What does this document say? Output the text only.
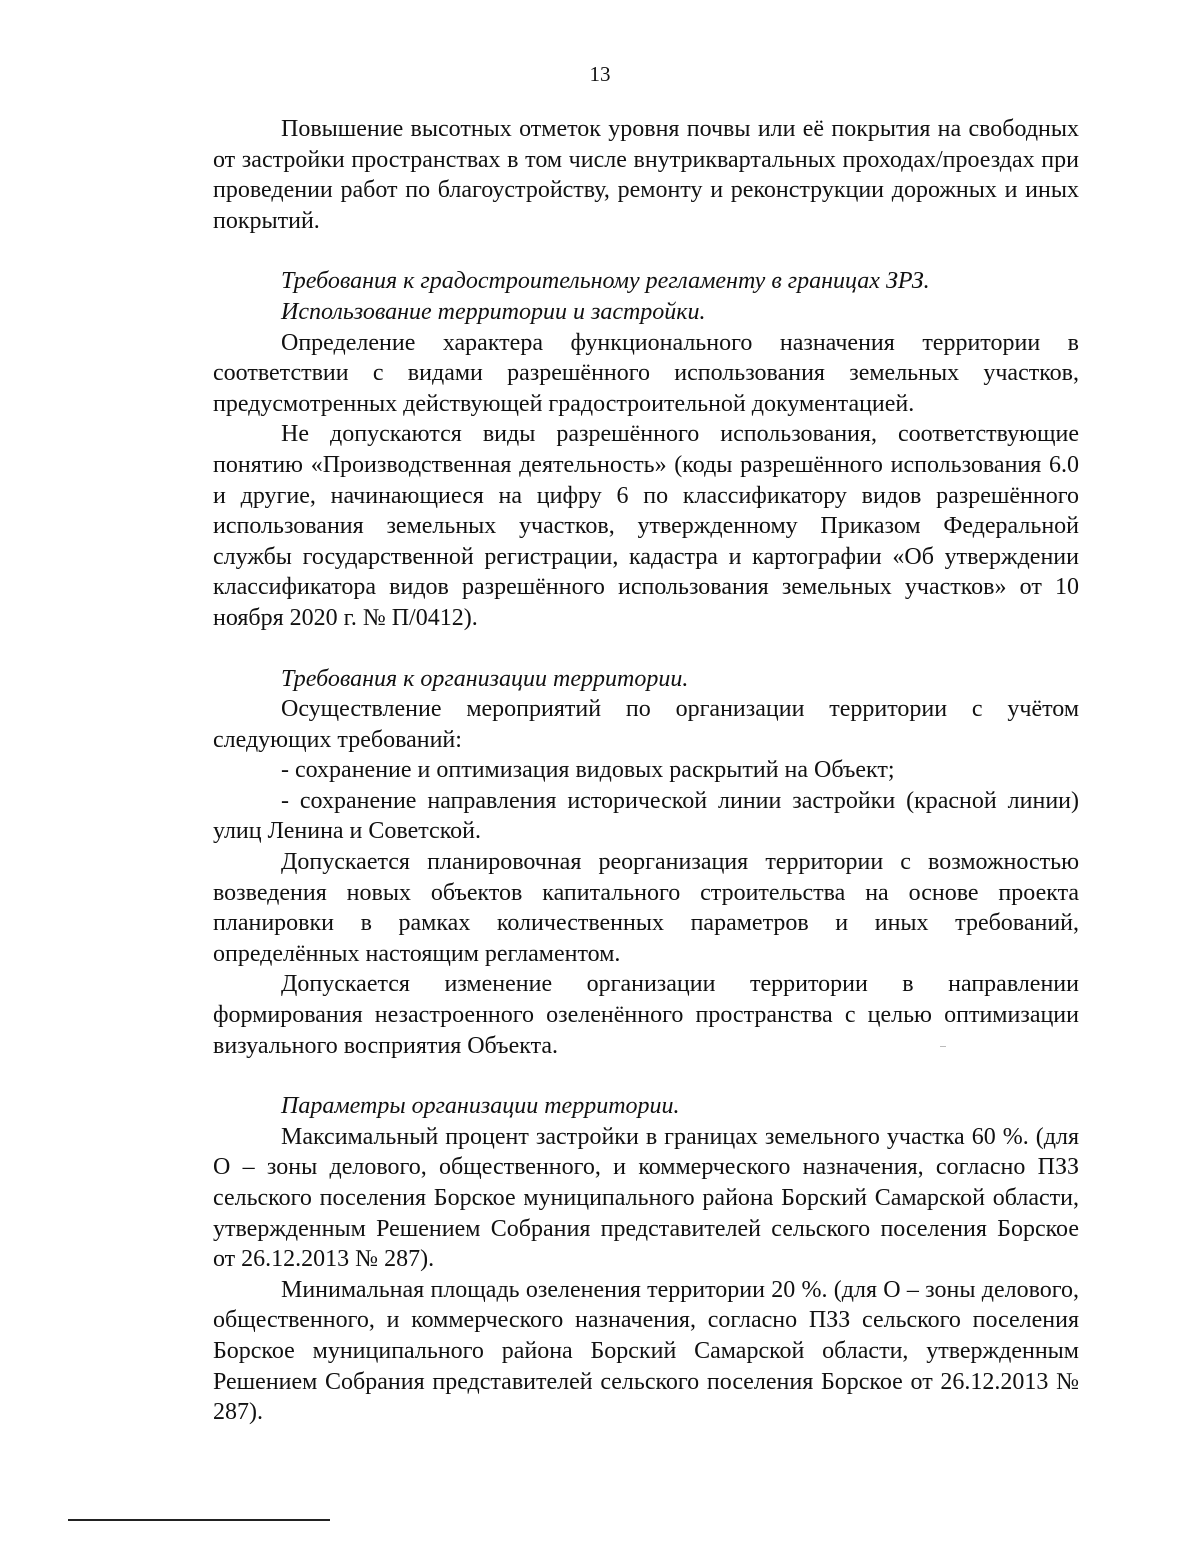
13

Повышение высотных отметок уровня почвы или её покрытия на свободных от застройки пространствах в том числе внутриквартальных проходах/проездах при проведении работ по благоустройству, ремонту и реконструкции дорожных и иных покрытий.

Требования к градостроительному регламенту в границах ЗРЗ.

Использование территории и застройки.

Определение характера функционального назначения территории в соответствии с видами разрешённого использования земельных участков, предусмотренных действующей градостроительной документацией.

Не допускаются виды разрешённого использования, соответствующие понятию «Производственная деятельность» (коды разрешённого использования 6.0 и другие, начинающиеся на цифру 6 по классификатору видов разрешённого использования земельных участков, утвержденному Приказом Федеральной службы государственной регистрации, кадастра и картографии «Об утверждении классификатора видов разрешённого использования земельных участков» от 10 ноября 2020 г. № П/0412).

Требования к организации территории.

Осуществление мероприятий по организации территории с учётом следующих требований:

- сохранение и оптимизация видовых раскрытий на Объект;

- сохранение направления исторической линии застройки (красной линии) улиц Ленина и Советской.

Допускается планировочная реорганизация территории с возможностью возведения новых объектов капитального строительства на основе проекта планировки в рамках количественных параметров и иных требований, определённых настоящим регламентом.

Допускается изменение организации территории в направлении формирования незастроенного озеленённого пространства с целью оптимизации визуального восприятия Объекта.

Параметры организации территории.

Максимальный процент застройки в границах земельного участка 60 %. (для О – зоны делового, общественного, и коммерческого назначения, согласно ПЗЗ сельского поселения Борское муниципального района Борский Самарской области, утвержденным Решением Собрания представителей сельского поселения Борское от 26.12.2013 № 287).

Минимальная площадь озеленения территории 20 %. (для О – зоны делового, общественного, и коммерческого назначения, согласно ПЗЗ сельского поселения Борское муниципального района Борский Самарской области, утвержденным Решением Собрания представителей сельского поселения Борское от 26.12.2013 № 287).
